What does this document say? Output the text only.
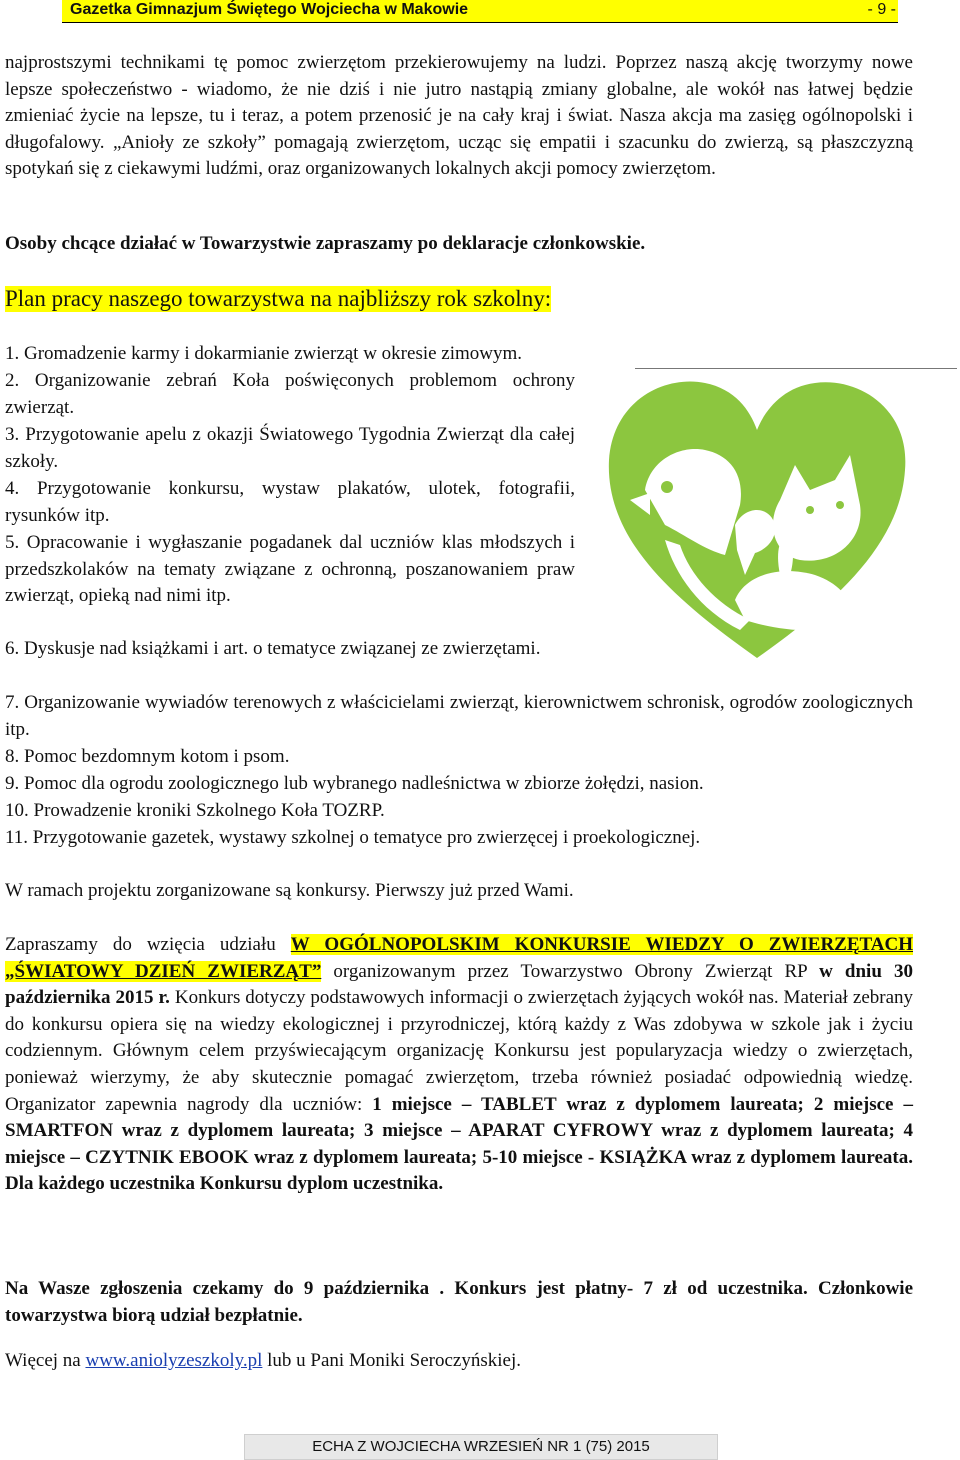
Gazetka Gimnazjum Świętego Wojciecha w Makowie	- 9 -

najprostszymi technikami tę pomoc zwierzętom przekierowujemy na ludzi. Poprzez naszą akcję tworzymy nowe lepsze społeczeństwo - wiadomo, że nie dziś i nie jutro nastąpią zmiany globalne, ale wokół nas łatwej będzie zmieniać życie na lepsze, tu i teraz, a potem przenosić je na cały kraj i świat. Nasza akcja ma zasięg ogólnopolski i długofalowy. „Anioły ze szkoły” pomagają zwierzętom, ucząc się empatii i szacunku do zwierzą, są płaszczyzną spotykań się z ciekawymi ludźmi, oraz organizowanych lokalnych akcji pomocy zwierzętom.

Osoby chcące działać w Towarzystwie zapraszamy po deklaracje członkowskie.

Plan pracy naszego towarzystwa na najbliższy rok szkolny:

1. Gromadzenie karmy i dokarmianie zwierząt w okresie zimowym.

2. Organizowanie zebrań Koła poświęconych problemom ochrony zwierząt.

3. Przygotowanie apelu z okazji Światowego Tygodnia Zwierząt dla całej szkoły.

4. Przygotowanie konkursu, wystaw plakatów, ulotek, fotografii, rysunków itp.

5. Opracowanie i wygłaszanie pogadanek dal uczniów klas młodszych i przedszkolaków na tematy związane z ochronną, poszanowaniem praw zwierząt, opieką nad nimi itp.

6. Dyskusje nad książkami i art. o tematyce związanej ze zwierzętami.

7. Organizowanie wywiadów terenowych z właścicielami zwierząt, kierownictwem schronisk, ogrodów zoologicznych itp.

8. Pomoc bezdomnym kotom i psom.

9. Pomoc dla ogrodu zoologicznego lub wybranego nadleśnictwa w zbiorze żołędzi, nasion.

10. Prowadzenie kroniki Szkolnego Koła TOZRP.

11. Przygotowanie gazetek, wystawy szkolnej o tematyce pro zwierzęcej i proekologicznej.

W ramach projektu zorganizowane są konkursy. Pierwszy już przed Wami.

Zapraszamy do wzięcia udziału W OGÓLNOPOLSKIM KONKURSIE WIEDZY O ZWIERZĘTACH „ŚWIATOWY DZIEŃ ZWIERZĄT” organizowanym przez Towarzystwo Obrony Zwierząt RP w dniu 30 października 2015 r. Konkurs dotyczy podstawowych informacji o zwierzętach żyjących wokół nas. Materiał zebrany do konkursu opiera się na wiedzy ekologicznej i przyrodniczej, którą każdy z Was zdobywa w szkole jak i życiu codziennym. Głównym celem przyświecającym organizację Konkursu jest popularyzacja wiedzy o zwierzętach, ponieważ wierzymy, że aby skutecznie pomagać zwierzętom, trzeba również posiadać odpowiednią wiedzę. Organizator zapewnia nagrody dla uczniów: 1 miejsce – TABLET wraz z dyplomem laureata; 2 miejsce – SMARTFON wraz z dyplomem laureata; 3 miejsce – APARAT CYFROWY wraz z dyplomem laureata; 4 miejsce – CZYTNIK EBOOK wraz z dyplomem laureata; 5-10 miejsce - KSIĄŻKA wraz z dyplomem laureata. Dla każdego uczestnika Konkursu dyplom uczestnika.

Na Wasze zgłoszenia czekamy do 9 października . Konkurs jest płatny- 7 zł od uczestnika. Członkowie towarzystwa biorą udział bezpłatnie.

Więcej na www.aniolyzeszkoly.pl lub u Pani Moniki Seroczyńskiej.

ECHA Z WOJCIECHA WRZESIEŃ NR 1 (75) 2015
